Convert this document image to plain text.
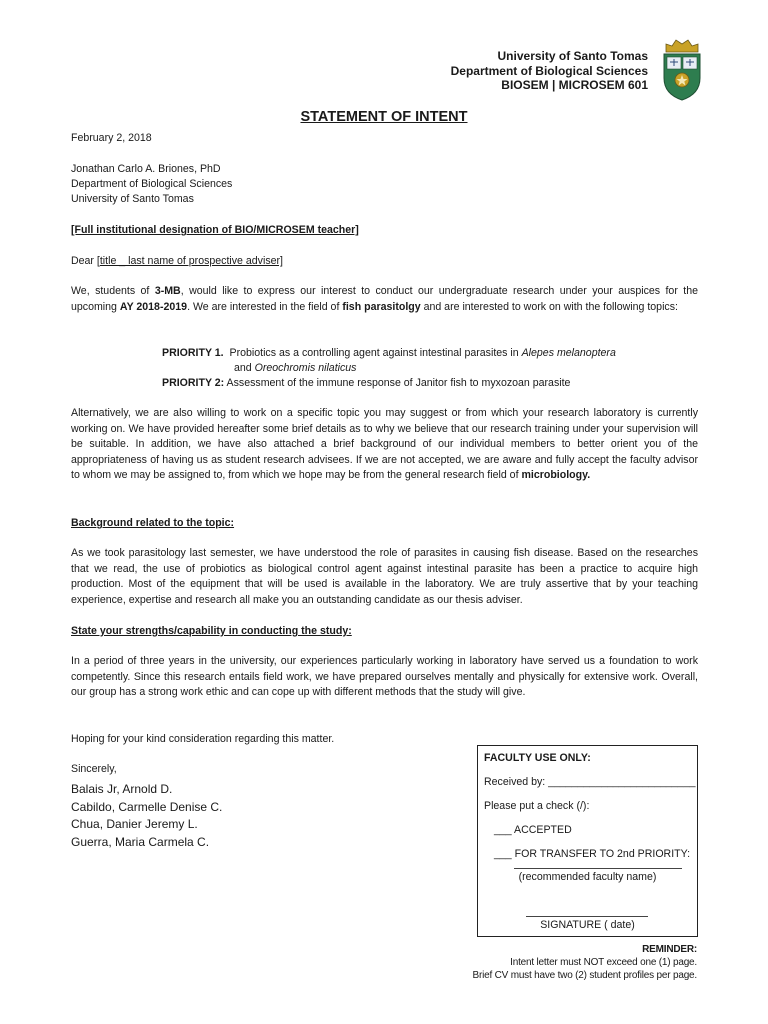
University of Santo Tomas
Department of Biological Sciences
BIOSEM | MICROSEM 601
STATEMENT OF INTENT
February 2, 2018
Jonathan Carlo A. Briones, PhD
Department of Biological Sciences
University of Santo Tomas
[Full institutional designation of BIO/MICROSEM teacher]
Dear [title _ last name of prospective adviser]
We, students of 3-MB, would like to express our interest to conduct our undergraduate research under your auspices for the upcoming AY 2018-2019. We are interested in the field of fish parasitolgy and are interested to work on with the following topics:
PRIORITY 1. Probiotics as a controlling agent against intestinal parasites in Alepes melanoptera
and Oreochromis nilaticus
PRIORITY 2: Assessment of the immune response of Janitor fish to myxozoan parasite
Alternatively, we are also willing to work on a specific topic you may suggest or from which your research laboratory is currently working on. We have provided hereafter some brief details as to why we believe that our research training under your supervision will be suitable. In addition, we have also attached a brief background of our individual members to better orient you of the appropriateness of having us as student research advisees. If we are not accepted, we are aware and fully accept the faculty advisor to whom we may be assigned to, from which we hope may be from the general research field of microbiology.
Background related to the topic:
As we took parasitology last semester, we have understood the role of parasites in causing fish disease. Based on the researches that we read, the use of probiotics as biological control agent against intestinal parasite has been a practice to acquire high production. Most of the equipment that will be used is available in the laboratory. We are truly assertive that by your teaching experience, expertise and research all make you an outstanding candidate as our thesis adviser.
State your strengths/capability in conducting the study:
In a period of three years in the university, our experiences particularly working in laboratory have served us a foundation to work competently. Since this research entails field work, we have prepared ourselves mentally and physically for extensive work. Overall, our group has a strong work ethic and can cope up with different methods that the study will give.
Hoping for your kind consideration regarding this matter.
Sincerely,
Balais Jr, Arnold D.
Cabildo, Carmelle Denise C.
Chua, Danier Jeremy L.
Guerra, Maria Carmela C.
FACULTY USE ONLY:
Received by: _________________________
Please put a check (/):
___ ACCEPTED
___ FOR TRANSFER TO 2nd PRIORITY:
(recommended faculty name)
SIGNATURE ( date)
REMINDER:
Intent letter must NOT exceed one (1) page.
Brief CV must have two (2) student profiles per page.
